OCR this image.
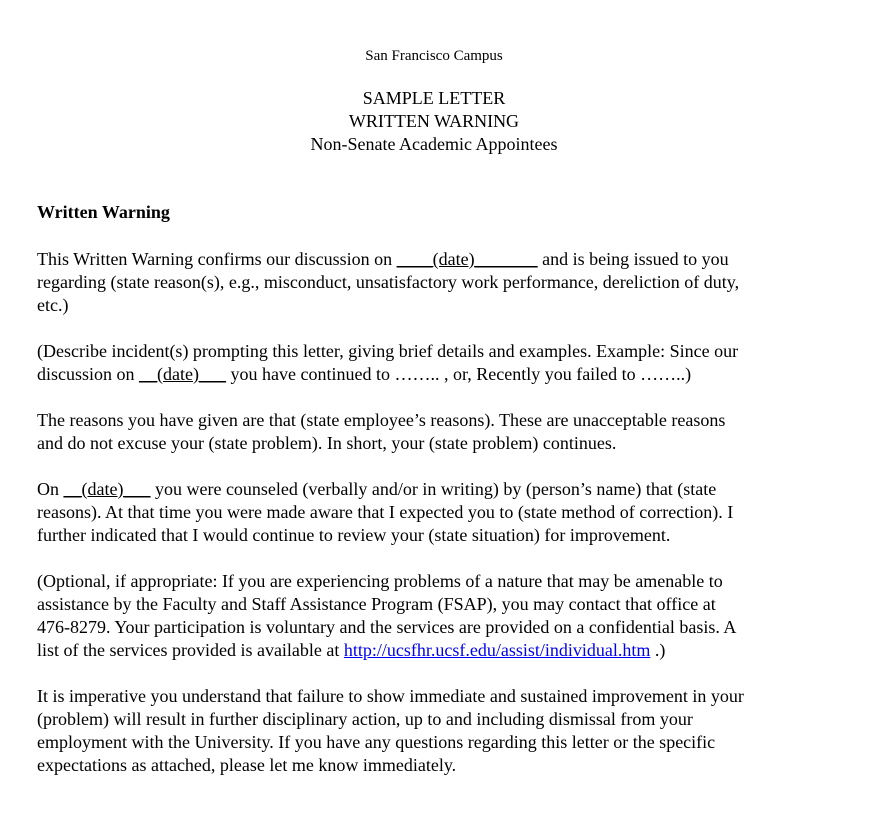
San Francisco Campus
SAMPLE LETTER
WRITTEN WARNING
Non-Senate Academic Appointees
Written Warning
This Written Warning confirms our discussion on ____(date)_______ and is being issued to you
regarding (state reason(s), e.g., misconduct, unsatisfactory work performance, dereliction of duty,
etc.)
(Describe incident(s) prompting this letter, giving brief details and examples. Example: Since our
discussion on __(date)___ you have continued to …….. , or, Recently you failed to ……..)
The reasons you have given are that (state employee’s reasons). These are unacceptable reasons
and do not excuse your (state problem). In short, your (state problem) continues.
On __(date)___ you were counseled (verbally and/or in writing) by (person’s name) that (state
reasons). At that time you were made aware that I expected you to (state method of correction). I
further indicated that I would continue to review your (state situation) for improvement.
(Optional, if appropriate: If you are experiencing problems of a nature that may be amenable to
assistance by the Faculty and Staff Assistance Program (FSAP), you may contact that office at
476-8279. Your participation is voluntary and the services are provided on a confidential basis. A
list of the services provided is available at http://ucsfhr.ucsf.edu/assist/individual.htm .)
It is imperative you understand that failure to show immediate and sustained improvement in your
(problem) will result in further disciplinary action, up to and including dismissal from your
employment with the University. If you have any questions regarding this letter or the specific
expectations as attached, please let me know immediately.
